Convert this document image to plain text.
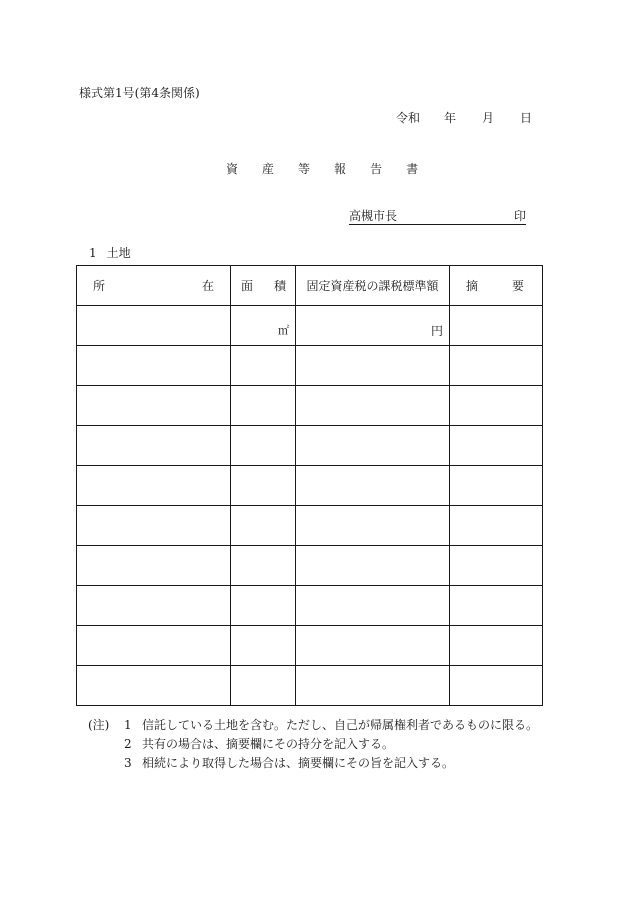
様式第1号(第4条関係)
令和 年 月 日
資 産 等 報 告 書
高槻市長	印
1 土地
所 在	面 積	固定資産税の課税標準額	摘 要

	㎡	円	

(注)	1 信託している土地を含む。ただし、自己が帰属権利者であるものに限る。
2 共有の場合は、摘要欄にその持分を記入する。
3 相続により取得した場合は、摘要欄にその旨を記入する。
